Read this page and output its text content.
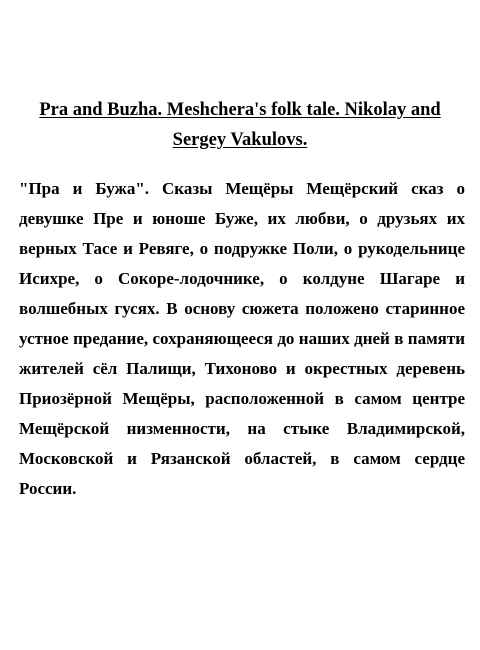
Pra and Buzha. Meshchera's folk tale. Nikolay and Sergey Vakulovs.

"Пра и Бужа". Сказы Мещёры Мещёрский сказ о девушке Пре и юноше Буже, их любви, о друзьях их верных Тасе и Ревяге, о подружке Поли, о рукодельнице Исихре, о Сокоре-лодочнике, о колдуне Шагаре и волшебных гусях. В основу сюжета положено старинное устное предание, сохраняющееся до наших дней в памяти жителей сёл Палищи, Тихоново и окрестных деревень Приозёрной Мещёры, расположенной в самом центре Мещёрской низменности, на стыке Владимирской, Московской и Рязанской областей, в самом сердце России.
